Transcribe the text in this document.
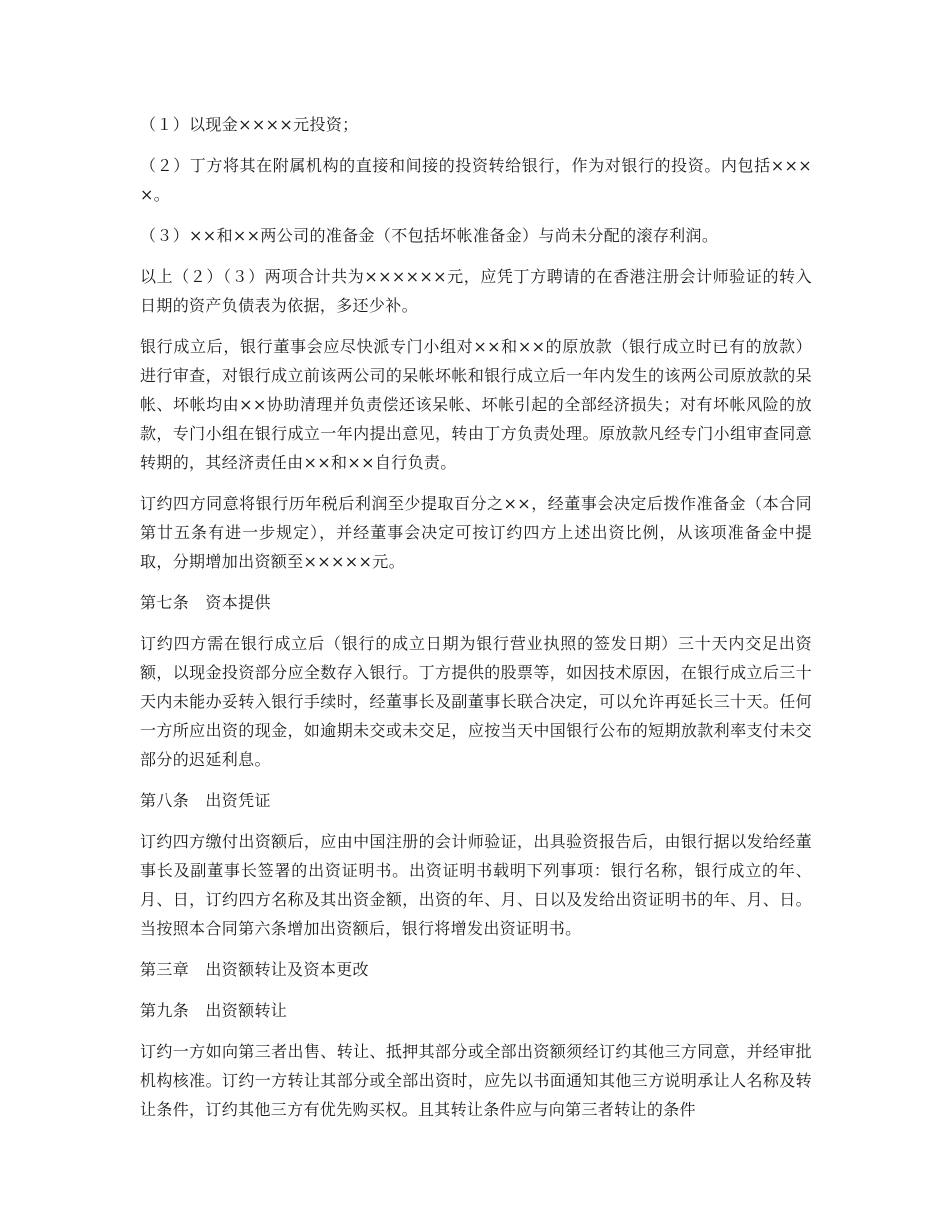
（１）以现金××××元投资；

（２）丁方将其在附属机构的直接和间接的投资转给银行，作为对银行的投资。内包括××××。

（３）××和××两公司的准备金（不包括坏帐准备金）与尚未分配的滚存利润。

以上（２）（３）两项合计共为××××××元，应凭丁方聘请的在香港注册会计师验证的转入日期的资产负债表为依据，多还少补。

银行成立后，银行董事会应尽快派专门小组对××和××的原放款（银行成立时已有的放款）进行审查，对银行成立前该两公司的呆帐坏帐和银行成立后一年内发生的该两公司原放款的呆帐、坏帐均由××协助清理并负责偿还该呆帐、坏帐引起的全部经济损失；对有坏帐风险的放款，专门小组在银行成立一年内提出意见，转由丁方负责处理。原放款凡经专门小组审查同意转期的，其经济责任由××和××自行负责。

订约四方同意将银行历年税后利润至少提取百分之××，经董事会决定后拨作准备金（本合同第廿五条有进一步规定），并经董事会决定可按订约四方上述出资比例，从该项准备金中提取，分期增加出资额至×××××元。

第七条　资本提供

订约四方需在银行成立后（银行的成立日期为银行营业执照的签发日期）三十天内交足出资额，以现金投资部分应全数存入银行。丁方提供的股票等，如因技术原因，在银行成立后三十天内未能办妥转入银行手续时，经董事长及副董事长联合决定，可以允许再延长三十天。任何一方所应出资的现金，如逾期未交或未交足，应按当天中国银行公布的短期放款利率支付未交部分的迟延利息。

第八条　出资凭证

订约四方缴付出资额后，应由中国注册的会计师验证，出具验资报告后，由银行据以发给经董事长及副董事长签署的出资证明书。出资证明书载明下列事项：银行名称，银行成立的年、月、日，订约四方名称及其出资金额，出资的年、月、日以及发给出资证明书的年、月、日。当按照本合同第六条增加出资额后，银行将增发出资证明书。

第三章　出资额转让及资本更改

第九条　出资额转让

订约一方如向第三者出售、转让、抵押其部分或全部出资额须经订约其他三方同意，并经审批机构核准。订约一方转让其部分或全部出资时，应先以书面通知其他三方说明承让人名称及转让条件，订约其他三方有优先购买权。且其转让条件应与向第三者转让的条件
